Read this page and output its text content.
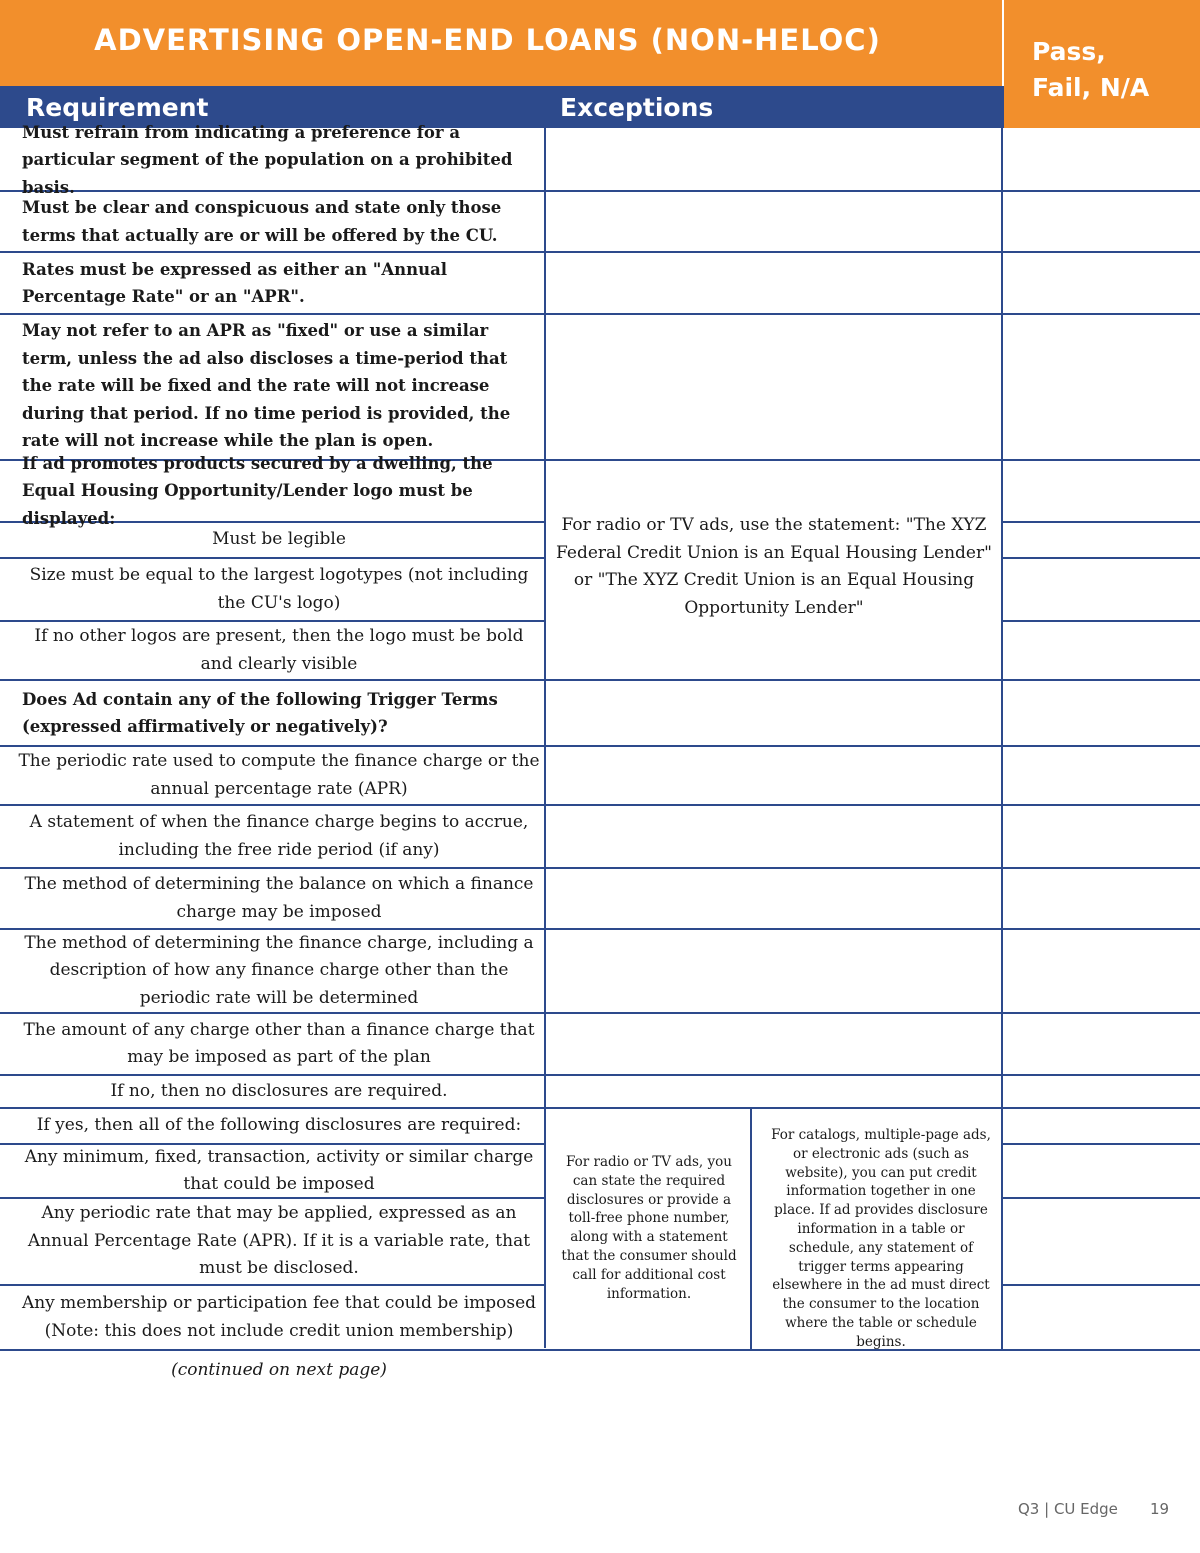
ADVERTISING OPEN-END LOANS (NON-HELOC)	Pass,
Fail, N/A
Requirement	Exceptions
Must refrain from indicating a preference for a particular segment of the population on a prohibited basis.
Must be clear and conspicuous and state only those terms that actually are or will be offered by the CU.
Rates must be expressed as either an "Annual Percentage Rate" or an "APR".
May not refer to an APR as "fixed" or use a similar term, unless the ad also discloses a time-period that the rate will be fixed and the rate will not increase during that period. If no time period is provided, the rate will not increase while the plan is open.
If ad promotes products secured by a dwelling, the Equal Housing Opportunity/Lender logo must be displayed:
Must be legible
Size must be equal to the largest logotypes (not including the CU's logo)
If no other logos are present, then the logo must be bold and clearly visible
Does Ad contain any of the following Trigger Terms (expressed affirmatively or negatively)?
The periodic rate used to compute the finance charge or the annual percentage rate (APR)
A statement of when the finance charge begins to accrue, including the free ride period (if any)
The method of determining the balance on which a finance charge may be imposed
The method of determining the finance charge, including a description of how any finance charge other than the periodic rate will be determined
The amount of any charge other than a finance charge that may be imposed as part of the plan
If no, then no disclosures are required.
If yes, then all of the following disclosures are required:
Any minimum, fixed, transaction, activity or similar charge that could be imposed
Any periodic rate that may be applied, expressed as an Annual Percentage Rate (APR). If it is a variable rate, that must be disclosed.
Any membership or participation fee that could be imposed (Note: this does not include credit union membership)
For radio or TV ads, use the statement: "The XYZ Federal Credit Union is an Equal Housing Lender" or "The XYZ Credit Union is an Equal Housing Opportunity Lender"
For radio or TV ads, you can state the required disclosures or provide a toll-free phone number, along with a statement that the consumer should call for additional cost information.
For catalogs, multiple-page ads, or electronic ads (such as website), you can put credit information together in one place. If ad provides disclosure information in a table or schedule, any statement of trigger terms appearing elsewhere in the ad must direct the consumer to the location where the table or schedule begins.
(continued on next page)
Q3 | CU Edge 19
